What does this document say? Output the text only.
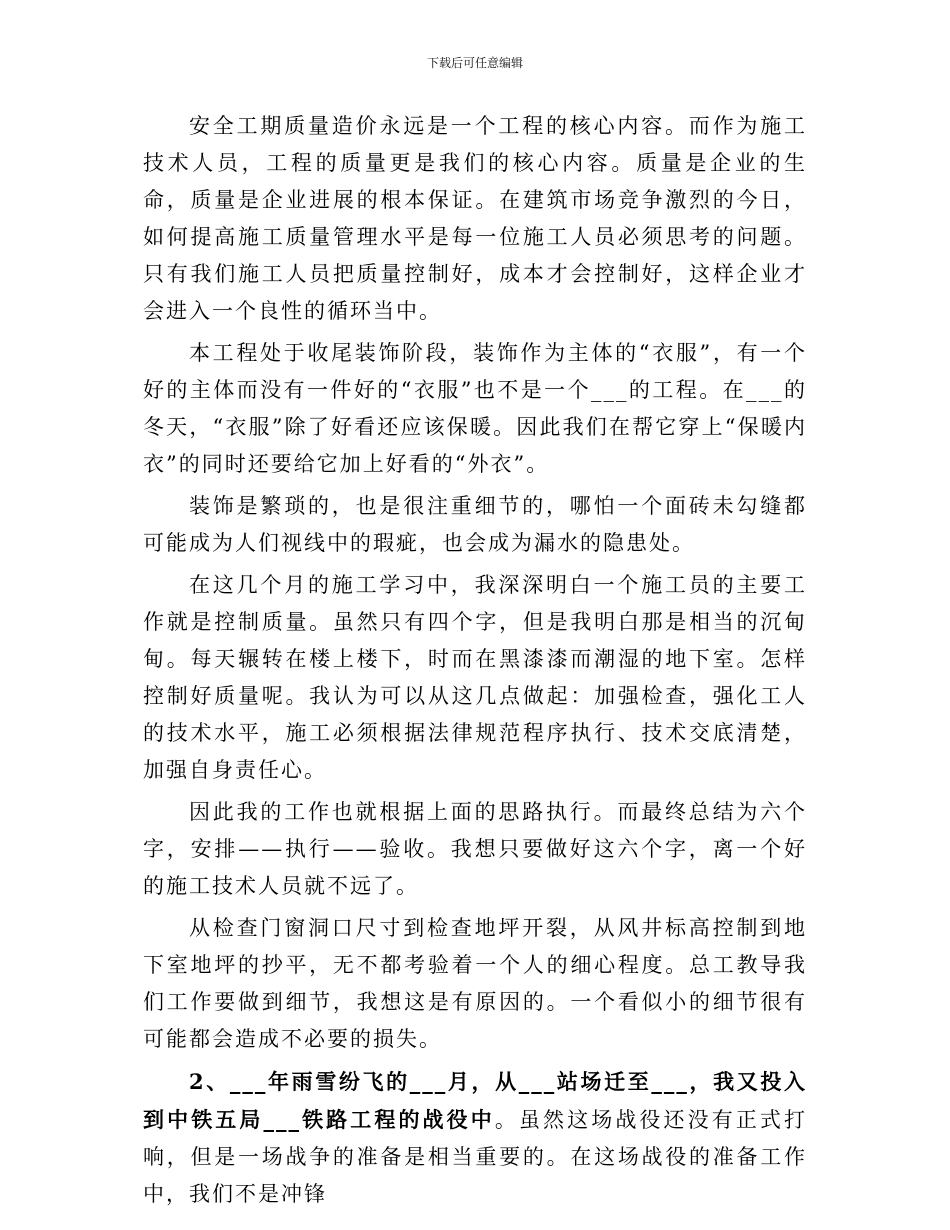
下载后可任意编辑

安全工期质量造价永远是一个工程的核心内容。而作为施工技术人员，工程的质量更是我们的核心内容。质量是企业的生命，质量是企业进展的根本保证。在建筑市场竞争激烈的今日，如何提高施工质量管理水平是每一位施工人员必须思考的问题。只有我们施工人员把质量控制好，成本才会控制好，这样企业才会进入一个良性的循环当中。

本工程处于收尾装饰阶段，装饰作为主体的“衣服”，有一个好的主体而没有一件好的“衣服”也不是一个___的工程。在___的冬天，“衣服”除了好看还应该保暖。因此我们在帮它穿上“保暖内衣”的同时还要给它加上好看的“外衣”。

装饰是繁琐的，也是很注重细节的，哪怕一个面砖未勾缝都可能成为人们视线中的瑕疵，也会成为漏水的隐患处。

在这几个月的施工学习中，我深深明白一个施工员的主要工作就是控制质量。虽然只有四个字，但是我明白那是相当的沉甸甸。每天辗转在楼上楼下，时而在黑漆漆而潮湿的地下室。怎样控制好质量呢。我认为可以从这几点做起：加强检查，强化工人的技术水平，施工必须根据法律规范程序执行、技术交底清楚，加强自身责任心。

因此我的工作也就根据上面的思路执行。而最终总结为六个字，安排——执行——验收。我想只要做好这六个字，离一个好的施工技术人员就不远了。

从检查门窗洞口尺寸到检查地坪开裂，从风井标高控制到地下室地坪的抄平，无不都考验着一个人的细心程度。总工教导我们工作要做到细节，我想这是有原因的。一个看似小的细节很有可能都会造成不必要的损失。

2、___年雨雪纷飞的___月，从___站场迁至___，我又投入到中铁五局___铁路工程的战役中。虽然这场战役还没有正式打响，但是一场战争的准备是相当重要的。在这场战役的准备工作中，我们不是冲锋
